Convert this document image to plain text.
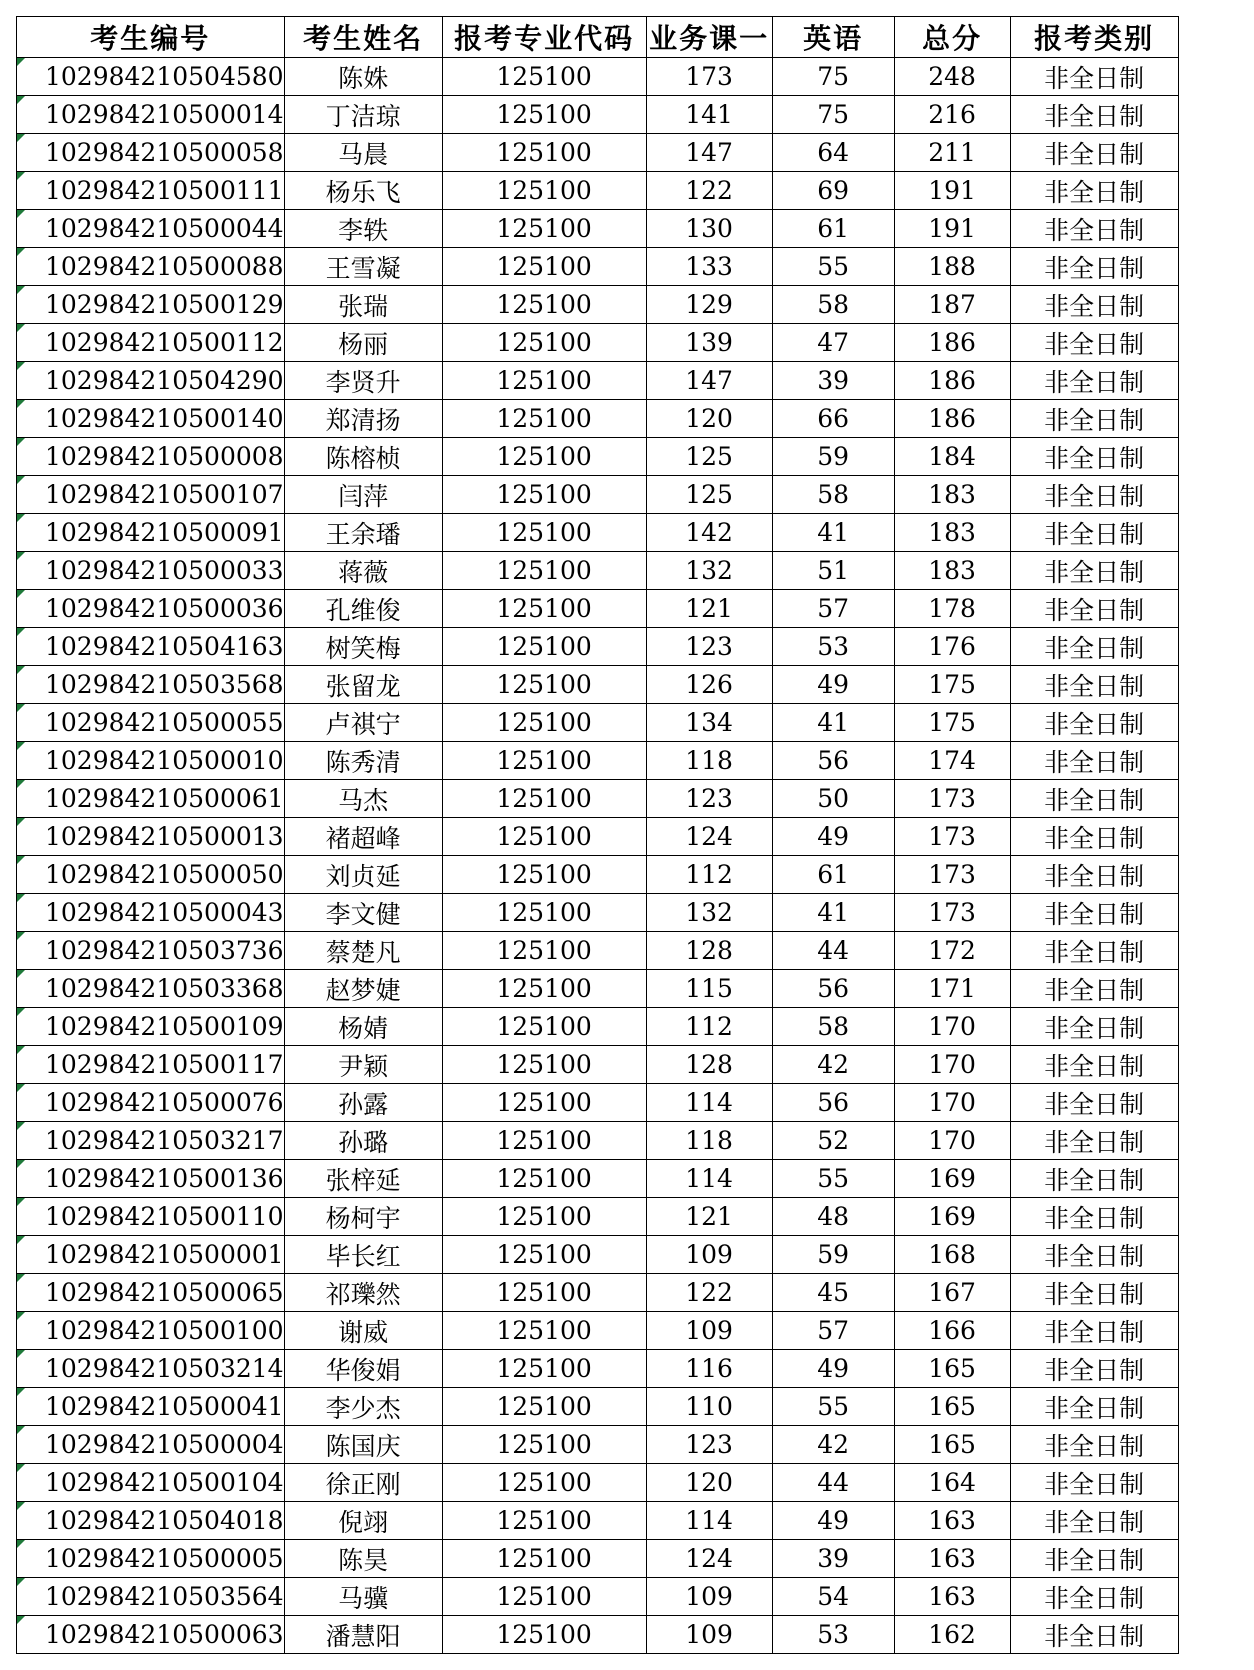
考生编号	考生姓名	报考专业代码	业务课一	英语	总分	报考类别
102984210504580	陈姝	125100	173	75	248	非全日制
102984210500014	丁洁琼	125100	141	75	216	非全日制
102984210500058	马晨	125100	147	64	211	非全日制
102984210500111	杨乐飞	125100	122	69	191	非全日制
102984210500044	李轶	125100	130	61	191	非全日制
102984210500088	王雪凝	125100	133	55	188	非全日制
102984210500129	张瑞	125100	129	58	187	非全日制
102984210500112	杨丽	125100	139	47	186	非全日制
102984210504290	李贤升	125100	147	39	186	非全日制
102984210500140	郑清扬	125100	120	66	186	非全日制
102984210500008	陈榕桢	125100	125	59	184	非全日制
102984210500107	闫萍	125100	125	58	183	非全日制
102984210500091	王余璠	125100	142	41	183	非全日制
102984210500033	蒋薇	125100	132	51	183	非全日制
102984210500036	孔维俊	125100	121	57	178	非全日制
102984210504163	树笑梅	125100	123	53	176	非全日制
102984210503568	张留龙	125100	126	49	175	非全日制
102984210500055	卢祺宁	125100	134	41	175	非全日制
102984210500010	陈秀清	125100	118	56	174	非全日制
102984210500061	马杰	125100	123	50	173	非全日制
102984210500013	褚超峰	125100	124	49	173	非全日制
102984210500050	刘贞延	125100	112	61	173	非全日制
102984210500043	李文健	125100	132	41	173	非全日制
102984210503736	蔡楚凡	125100	128	44	172	非全日制
102984210503368	赵梦婕	125100	115	56	171	非全日制
102984210500109	杨婧	125100	112	58	170	非全日制
102984210500117	尹颖	125100	128	42	170	非全日制
102984210500076	孙露	125100	114	56	170	非全日制
102984210503217	孙璐	125100	118	52	170	非全日制
102984210500136	张梓延	125100	114	55	169	非全日制
102984210500110	杨柯宇	125100	121	48	169	非全日制
102984210500001	毕长红	125100	109	59	168	非全日制
102984210500065	祁瓅然	125100	122	45	167	非全日制
102984210500100	谢威	125100	109	57	166	非全日制
102984210503214	华俊娟	125100	116	49	165	非全日制
102984210500041	李少杰	125100	110	55	165	非全日制
102984210500004	陈国庆	125100	123	42	165	非全日制
102984210500104	徐正刚	125100	120	44	164	非全日制
102984210504018	倪翊	125100	114	49	163	非全日制
102984210500005	陈昊	125100	124	39	163	非全日制
102984210503564	马骥	125100	109	54	163	非全日制
102984210500063	潘慧阳	125100	109	53	162	非全日制
